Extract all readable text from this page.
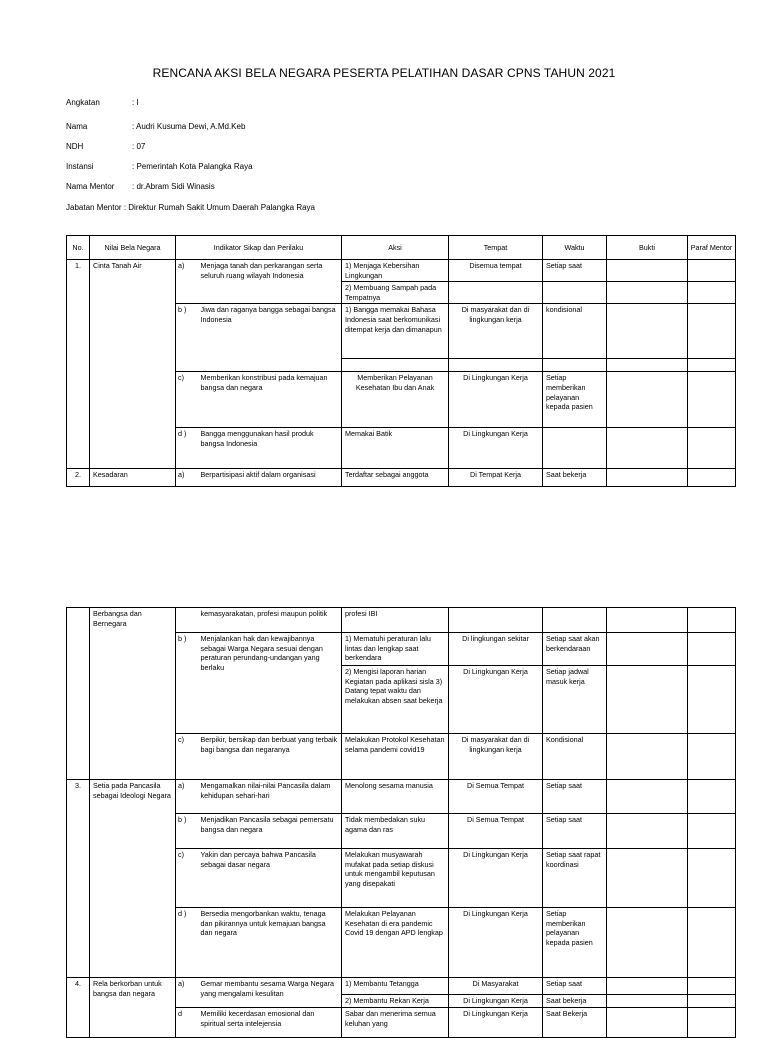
RENCANA AKSI BELA NEGARA PESERTA PELATIHAN DASAR CPNS TAHUN 2021
Angkatan	: I
Nama	: Audri Kusuma Dewi, A.Md.Keb
NDH	: 07
Instansi	: Pemerintah Kota Palangka Raya
Nama Mentor : dr.Abram Sidi Winasis
Jabatan Mentor : Direktur Rumah Sakit Umum Daerah Palangka Raya
No.	Nilai Bela Negara	Indikator Sikap dan Perilaku		Aksi	Tempat	Waktu	Bukti	Paraf Mentor
1.	Cinta Tanah Air	a)	Menjaga tanah dan perkarangan serta seluruh ruang wilayah Indonesia	1) Menjaga Kebersihan Lingkungan	Disemua tempat	Setiap saat		
				2) Membuang Sampah pada Tempatnya				
		b )	Jiwa dan raganya bangga sebagai bangsa Indonesia	1) Bangga memakai Bahasa Indonesia saat berkomunikasi ditempat kerja dan dimanapun	Di masyarakat dan di lingkungan kerja	kondisional		

		c)	Memberikan konstribusi pada kemajuan bangsa dan negara	Memberikan Pelayanan Kesehatan Ibu dan Anak	Di Lingkungan Kerja	Setiap memberikan pelayanan kepada pasien		
		d )	Bangga menggunakan hasil produk bangsa Indonesia	Memakai Batik	Di Lingkungan Kerja			
2.	Kesadaran	a)	Berpartisipasi aktif dalam organisasi	Terdaftar sebagai anggota	Di Tempat Kerja	Saat bekerja		
	Berbangsa dan Bernegara		kemasyarakatan, profesi maupun politik	profesi IBI				
		b )	Menjalankan hak dan kewajibannya sebagai Warga Negara sesuai dengan peraturan perundang-undangan yang berlaku	1) Mematuhi peraturan lalu lintas dan lengkap saat berkendara	Di lingkungan sekitar	Setiap saat akan berkendaraan		
				2) Mengisi laporan harian Kegiatan pada aplikasi sisla 3) Datang tepat waktu dan melakukan absen saat bekerja	Di Lingkungan Kerja	Setiap jadwal masuk kerja		
		c)	Berpikir, bersikap dan berbuat yang terbaik bagi bangsa dan negaranya	Melakukan Protokol Kesehatan selama pandemi covid19	Di masyarakat dan di lingkungan kerja	Kondisional		
3.	Setia pada Pancasila sebagai Ideologi Negara	a)	Mengamalkan nilai-nilai Pancasila dalam kehidupan sehari-hari	Menolong sesama manusia	Di Semua Tempat	Setiap saat		
		b )	Menjadikan Pancasila sebagai pemersatu bangsa dan negara	Tidak membedakan suku agama dan ras	Di Semua Tempat	Setiap saat		
		c)	Yakin dan percaya bahwa Pancasila sebagai dasar negara	Melakukan musyawarah mufakat pada setiap diskusi untuk mengambil keputusan yang disepakati	Di Lingkungan Kerja	Setiap saat rapat koordinasi		
		d )	Bersedia mengorbankan waktu, tenaga dan pikirannya untuk kemajuan bangsa dan negara	Melakukan Pelayanan Kesehatan di era pandemic Covid 19 dengan APD lengkap	Di Lingkungan Kerja	Setiap memberikan pelayanan kepada pasien		
4.	Rela berkorban untuk bangsa dan negara	a)	Gemar membantu sesama Warga Negara yang mengalami kesulitan	1) Membantu Tetangga	Di Masyarakat	Setiap saat		
				2) Membantu Rekan Kerja	Di Lingkungan Kerja	Saat bekerja		
		d	Memiliki kecerdasan emosional dan spiritual serta intelejensia	Sabar dan menerima semua keluhan yang	Di Lingkungan Kerja	Saat Bekerja		
